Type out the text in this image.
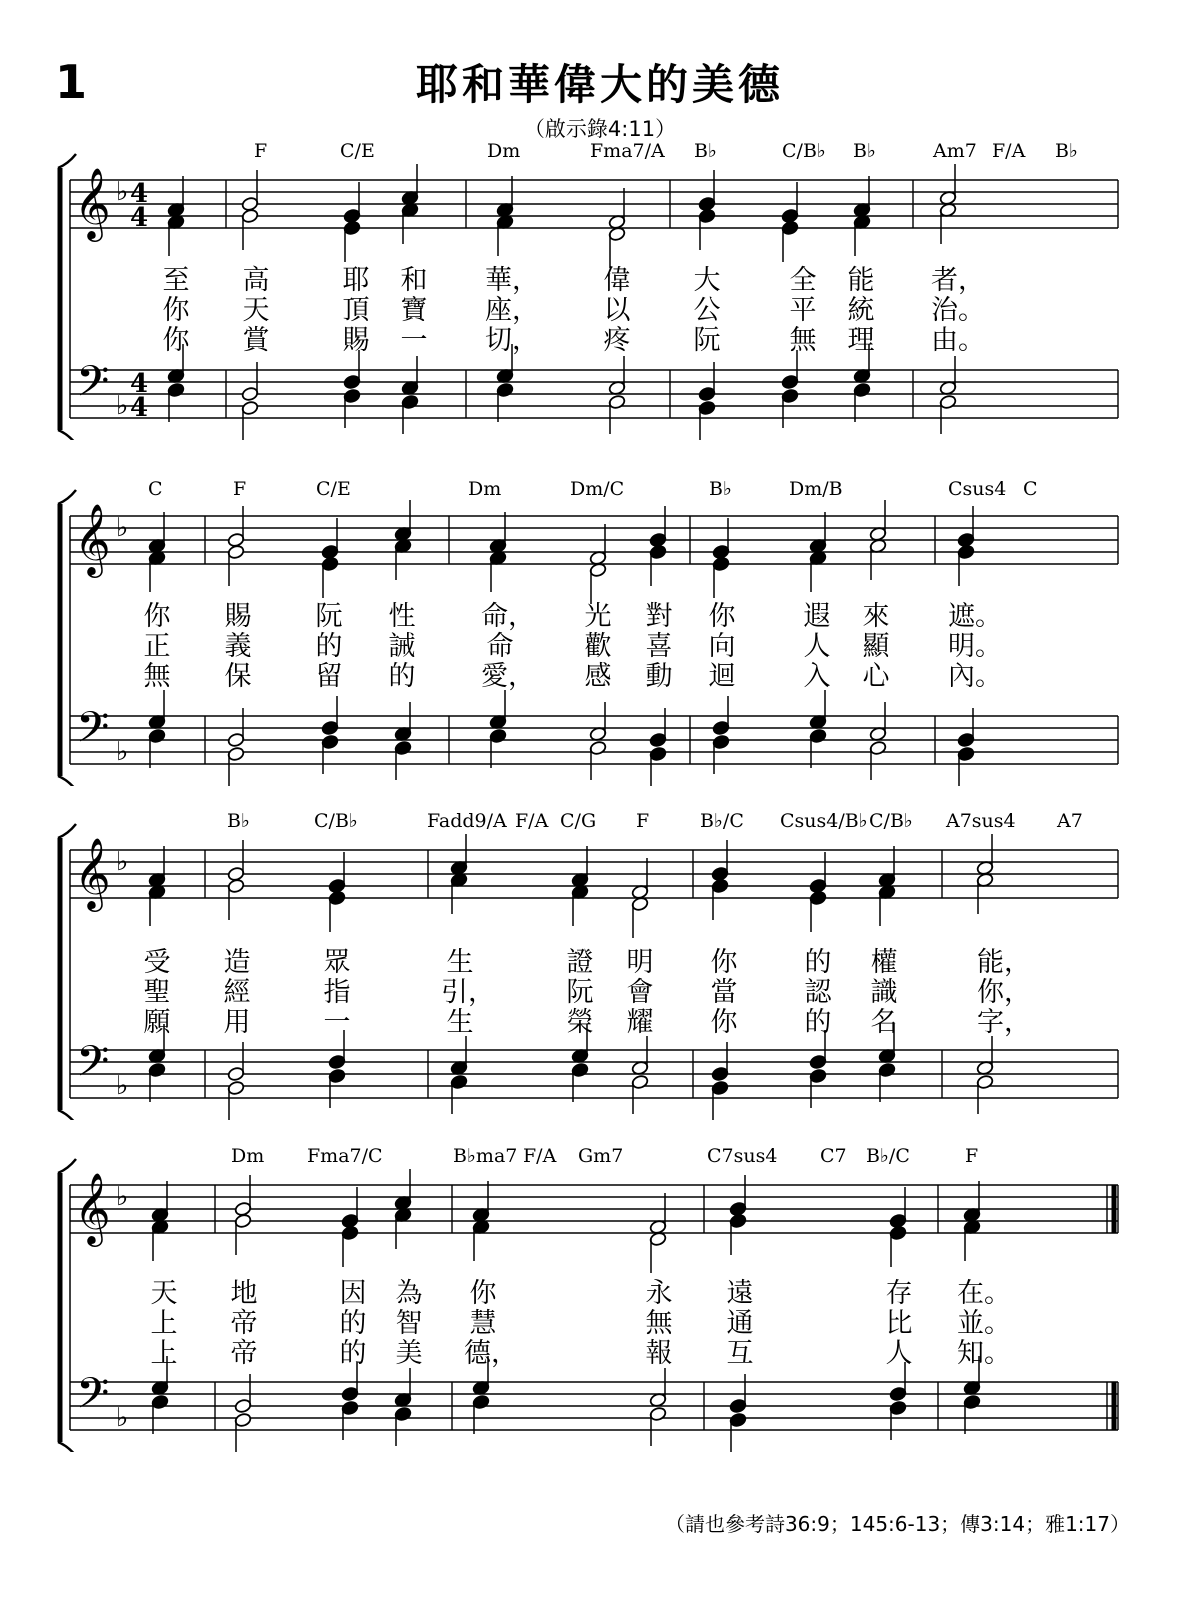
1	耶和華偉大的美德
（啟示錄4:11）
F	C/E	Dm	Fma7/A B♭	C/B♭ B♭	Am7 F/A B♭
𝄞
𝄢
♭
♭
4
4
4
4
至 高	耶 和 華， 偉 大	全 能 者，
你 天	頂 寶 座， 以 公	平 統 治。
你 賞	賜 一 切， 疼 阮	無 理 由。
C	F	C/E	Dm	Dm/C	B♭	Dm/B	Csus4 C
𝄞
𝄢
♭
♭
你 賜 阮 性 命， 光 對 你	遐 來 遮。
正 義 的 誡	命	歡 喜 向	人 顯 明。
無 保 留 的 愛， 感 動 迴	入 心 內。
B♭	C/B♭	Fadd9/A F/A C/G F	B♭/C Csus4/B♭ C/B♭ A7sus4 A7
𝄞
𝄢
♭
♭
受 造	眾	生	證 明 你 的 權	能，
聖 經	指	引，	阮 會 當 認 識	你，
願 用	一	生	榮 耀 你 的 名	字，
Dm Fma7/C	B♭ma7 F/A Gm7	C7sus4 C7 B♭/C	F
𝄞
𝄢
♭
♭
天 地	因 為 你	永 遠	存 在。
上 帝	的 智 慧	無 通	比 並。
上 帝	的 美 德，	報 互	人 知。
（請也參考詩36:9；145:6-13；傳3:14；雅1:17）
